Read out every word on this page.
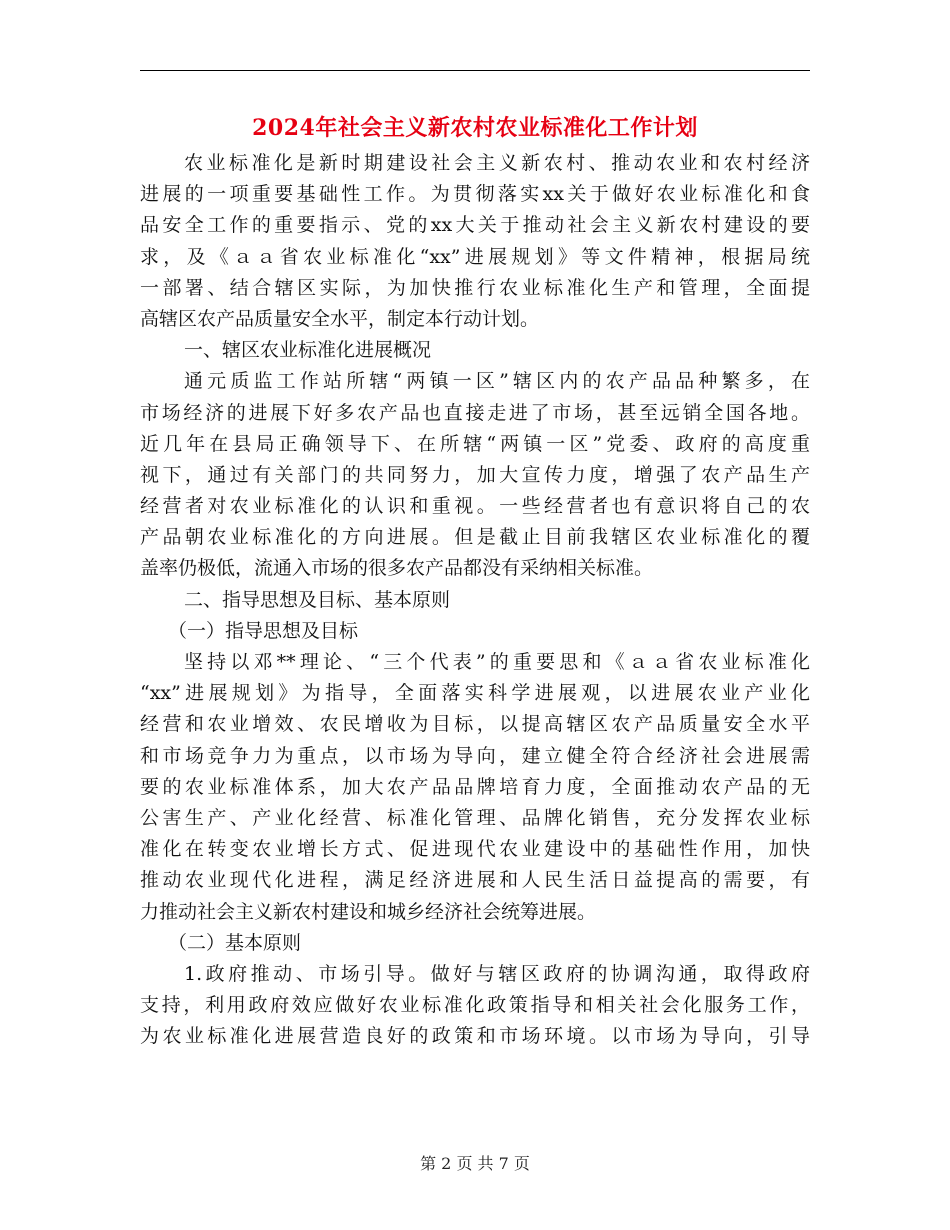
2024年社会主义新农村农业标准化工作计划
农业标准化是新时期建设社会主义新农村、推动农业和农村经济
进展的一项重要基础性工作。为贯彻落实xx关于做好农业标准化和食
品安全工作的重要指示、党的xx大关于推动社会主义新农村建设的要
求，及《ａａ省农业标准化“xx”进展规划》等文件精神，根据局统
一部署、结合辖区实际，为加快推行农业标准化生产和管理，全面提
高辖区农产品质量安全水平，制定本行动计划。
一、辖区农业标准化进展概况
通元质监工作站所辖“两镇一区”辖区内的农产品品种繁多，在
市场经济的进展下好多农产品也直接走进了市场，甚至远销全国各地。
近几年在县局正确领导下、在所辖“两镇一区”党委、政府的高度重
视下，通过有关部门的共同努力，加大宣传力度，增强了农产品生产
经营者对农业标准化的认识和重视。一些经营者也有意识将自己的农
产品朝农业标准化的方向进展。但是截止目前我辖区农业标准化的覆
盖率仍极低，流通入市场的很多农产品都没有采纳相关标准。
二、指导思想及目标、基本原则
（一）指导思想及目标
坚持以邓**理论、“三个代表”的重要思和《ａａ省农业标准化
“xx”进展规划》为指导，全面落实科学进展观，以进展农业产业化
经营和农业增效、农民增收为目标，以提高辖区农产品质量安全水平
和市场竞争力为重点，以市场为导向，建立健全符合经济社会进展需
要的农业标准体系，加大农产品品牌培育力度，全面推动农产品的无
公害生产、产业化经营、标准化管理、品牌化销售，充分发挥农业标
准化在转变农业增长方式、促进现代农业建设中的基础性作用，加快
推动农业现代化进程，满足经济进展和人民生活日益提高的需要，有
力推动社会主义新农村建设和城乡经济社会统筹进展。
（二）基本原则
1.政府推动、市场引导。做好与辖区政府的协调沟通，取得政府
支持，利用政府效应做好农业标准化政策指导和相关社会化服务工作，
为农业标准化进展营造良好的政策和市场环境。以市场为导向，引导
第 2 页 共 7 页
